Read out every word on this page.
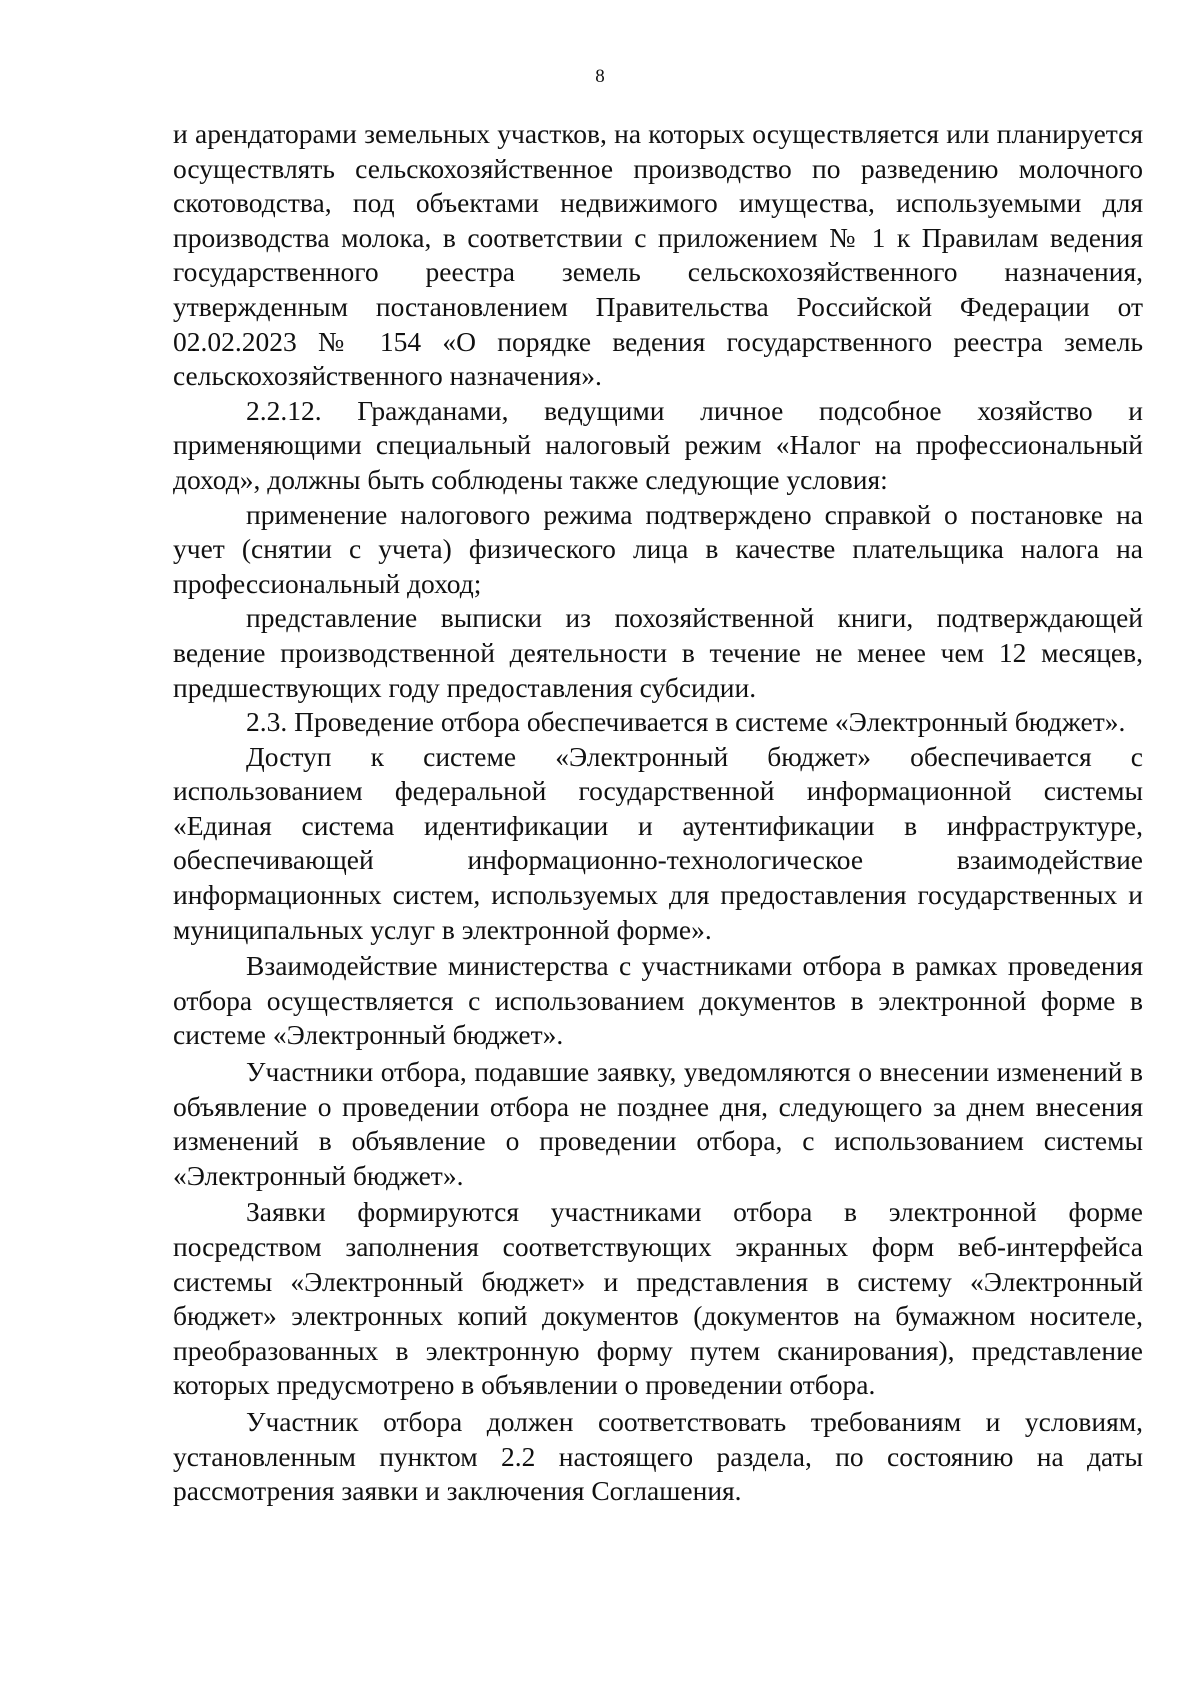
8

и арендаторами земельных участков, на которых осуществляется или планируется осуществлять сельскохозяйственное производство по разведению молочного скотоводства, под объектами недвижимого имущества, используемыми для производства молока, в соответствии с приложением № 1 к Правилам ведения государственного реестра земель сельскохозяйственного назначения, утвержденным постановлением Правительства Российской Федерации от 02.02.2023 № 154 «О порядке ведения государственного реестра земель сельскохозяйственного назначения».

2.2.12. Гражданами, ведущими личное подсобное хозяйство и применяющими специальный налоговый режим «Налог на профессиональный доход», должны быть соблюдены также следующие условия:

применение налогового режима подтверждено справкой о постановке на учет (снятии с учета) физического лица в качестве плательщика налога на профессиональный доход;

представление выписки из похозяйственной книги, подтверждающей ведение производственной деятельности в течение не менее чем 12 месяцев, предшествующих году предоставления субсидии.

2.3. Проведение отбора обеспечивается в системе «Электронный бюджет».

Доступ к системе «Электронный бюджет» обеспечивается с использованием федеральной государственной информационной системы «Единая система идентификации и аутентификации в инфраструктуре, обеспечивающей информационно-технологическое взаимодействие информационных систем, используемых для предоставления государственных и муниципальных услуг в электронной форме».

Взаимодействие министерства с участниками отбора в рамках проведения отбора осуществляется с использованием документов в электронной форме в системе «Электронный бюджет».

Участники отбора, подавшие заявку, уведомляются о внесении изменений в объявление о проведении отбора не позднее дня, следующего за днем внесения изменений в объявление о проведении отбора, с использованием системы «Электронный бюджет».

Заявки формируются участниками отбора в электронной форме посредством заполнения соответствующих экранных форм веб-интерфейса системы «Электронный бюджет» и представления в систему «Электронный бюджет» электронных копий документов (документов на бумажном носителе, преобразованных в электронную форму путем сканирования), представление которых предусмотрено в объявлении о проведении отбора.

Участник отбора должен соответствовать требованиям и условиям, установленным пунктом 2.2 настоящего раздела, по состоянию на даты рассмотрения заявки и заключения Соглашения.
